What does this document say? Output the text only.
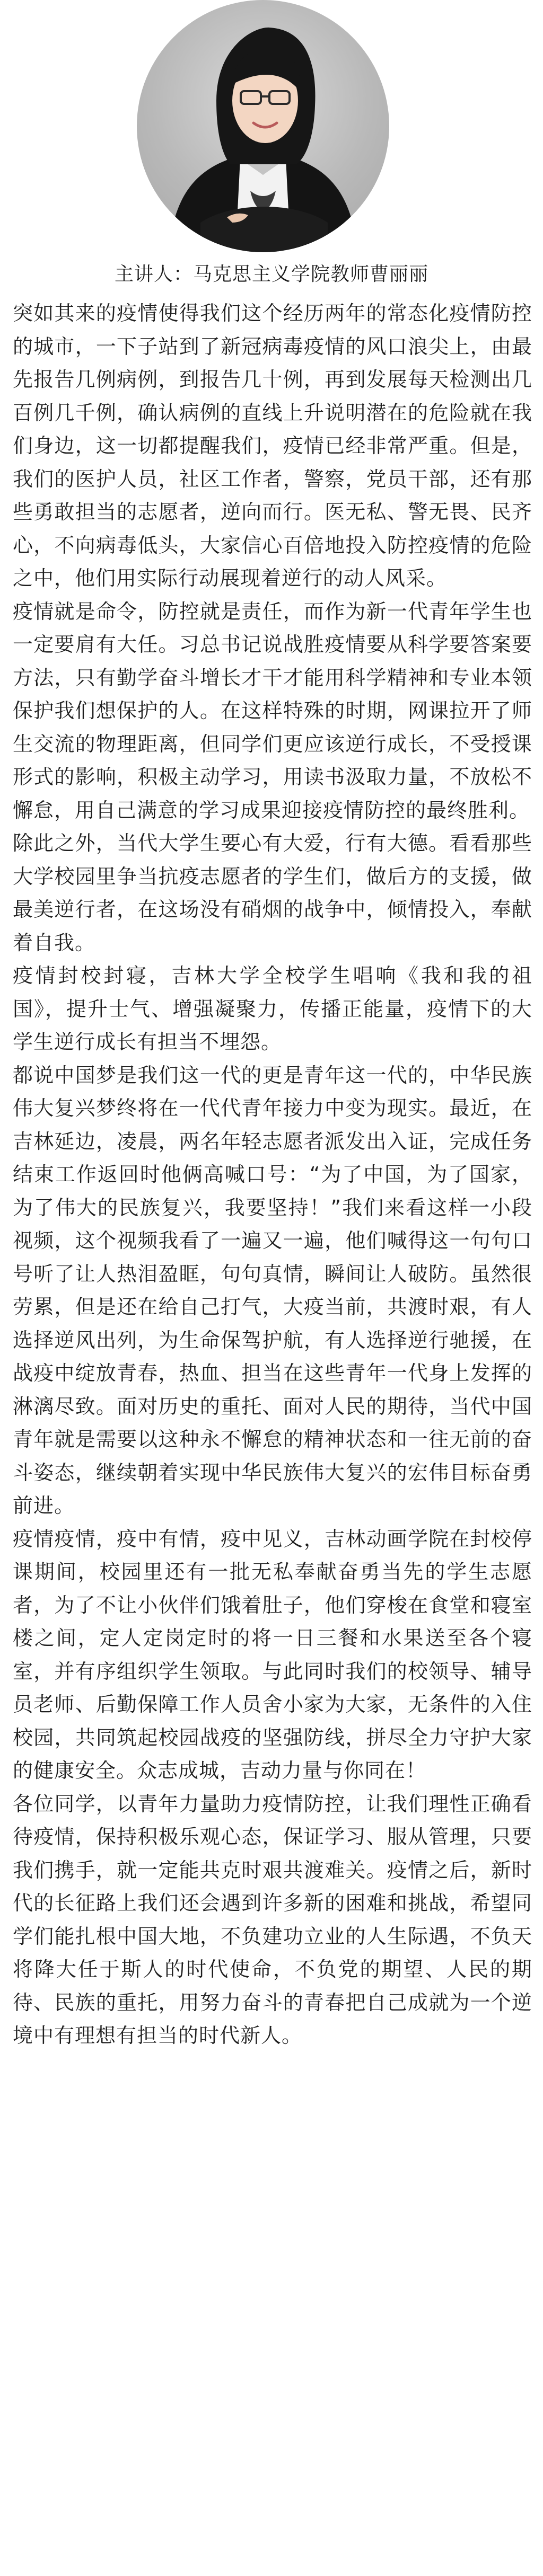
主讲人：马克思主义学院教师曹丽丽

突如其来的疫情使得我们这个经历两年的常态化疫情防控的城市，一下子站到了新冠病毒疫情的风口浪尖上，由最先报告几例病例，到报告几十例，再到发展每天检测出几百例几千例，确认病例的直线上升说明潜在的危险就在我们身边，这一切都提醒我们，疫情已经非常严重。但是，我们的医护人员，社区工作者，警察，党员干部，还有那些勇敢担当的志愿者，逆向而行。医无私、警无畏、民齐心，不向病毒低头，大家信心百倍地投入防控疫情的危险之中，他们用实际行动展现着逆行的动人风采。

疫情就是命令，防控就是责任，而作为新一代青年学生也一定要肩有大任。习总书记说战胜疫情要从科学要答案要方法，只有勤学奋斗增长才干才能用科学精神和专业本领保护我们想保护的人。在这样特殊的时期，网课拉开了师生交流的物理距离，但同学们更应该逆行成长，不受授课形式的影响，积极主动学习，用读书汲取力量，不放松不懈怠，用自己满意的学习成果迎接疫情防控的最终胜利。

除此之外，当代大学生要心有大爱，行有大德。看看那些大学校园里争当抗疫志愿者的学生们，做后方的支援，做最美逆行者，在这场没有硝烟的战争中，倾情投入，奉献着自我。

疫情封校封寝，吉林大学全校学生唱响《我和我的祖国》，提升士气、增强凝聚力，传播正能量，疫情下的大学生逆行成长有担当不埋怨。

都说中国梦是我们这一代的更是青年这一代的，中华民族伟大复兴梦终将在一代代青年接力中变为现实。最近，在吉林延边，凌晨，两名年轻志愿者派发出入证，完成任务结束工作返回时他俩高喊口号：“为了中国，为了国家，为了伟大的民族复兴，我要坚持！”我们来看这样一小段视频，这个视频我看了一遍又一遍，他们喊得这一句句口号听了让人热泪盈眶，句句真情，瞬间让人破防。虽然很劳累，但是还在给自己打气，大疫当前，共渡时艰，有人选择逆风出列，为生命保驾护航，有人选择逆行驰援，在战疫中绽放青春，热血、担当在这些青年一代身上发挥的淋漓尽致。面对历史的重托、面对人民的期待，当代中国青年就是需要以这种永不懈怠的精神状态和一往无前的奋斗姿态，继续朝着实现中华民族伟大复兴的宏伟目标奋勇前进。

疫情疫情，疫中有情，疫中见义，吉林动画学院在封校停课期间，校园里还有一批无私奉献奋勇当先的学生志愿者，为了不让小伙伴们饿着肚子，他们穿梭在食堂和寝室楼之间，定人定岗定时的将一日三餐和水果送至各个寝室，并有序组织学生领取。与此同时我们的校领导、辅导员老师、后勤保障工作人员舍小家为大家，无条件的入住校园，共同筑起校园战疫的坚强防线，拼尽全力守护大家的健康安全。众志成城，吉动力量与你同在！

各位同学，以青年力量助力疫情防控，让我们理性正确看待疫情，保持积极乐观心态，保证学习、服从管理，只要我们携手，就一定能共克时艰共渡难关。疫情之后，新时代的长征路上我们还会遇到许多新的困难和挑战，希望同学们能扎根中国大地，不负建功立业的人生际遇，不负天将降大任于斯人的时代使命，不负党的期望、人民的期待、民族的重托，用努力奋斗的青春把自己成就为一个逆境中有理想有担当的时代新人。
